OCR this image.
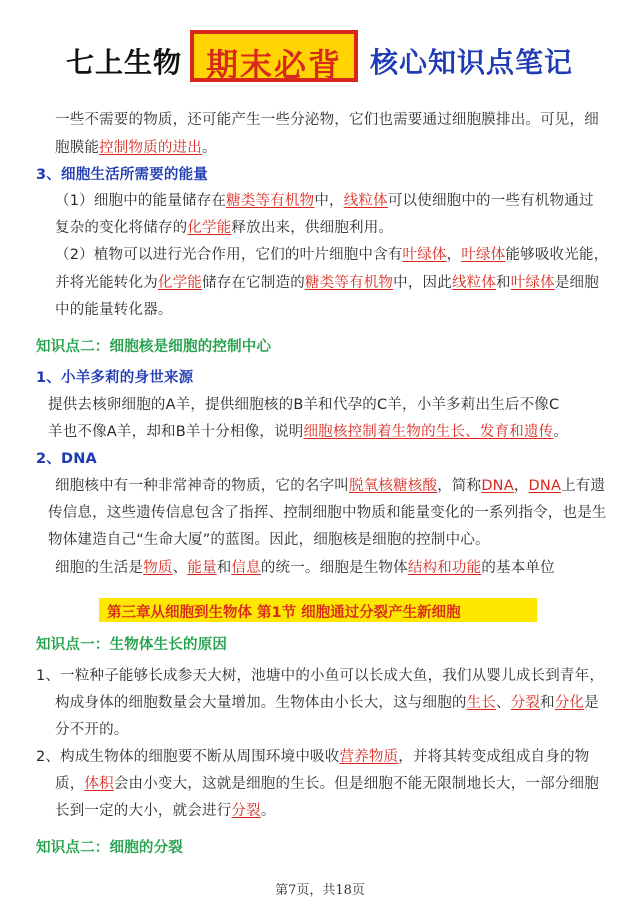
七上生物 期末必背	核心知识点笔记
一些不需要的物质，还可能产生一些分泌物，它们也需要通过细胞膜排出。可见，细
胞膜能控制物质的进出。
3、细胞生活所需要的能量
（1）细胞中的能量储存在糖类等有机物中，线粒体可以使细胞中的一些有机物通过
复杂的变化将储存的化学能释放出来，供细胞利用。
（2）植物可以进行光合作用，它们的叶片细胞中含有叶绿体，叶绿体能够吸收光能，
并将光能转化为化学能储存在它制造的糖类等有机物中，因此线粒体和叶绿体是细胞
中的能量转化器。
知识点二：细胞核是细胞的控制中心
1、小羊多莉的身世来源
提供去核卵细胞的A羊，提供细胞核的B羊和代孕的C羊，小羊多莉出生后不像C
羊也不像A羊，却和B羊十分相像，说明细胞核控制着生物的生长、发育和遗传。
2、DNA
细胞核中有一种非常神奇的物质，它的名字叫脱氧核糖核酸，简称DNA，DNA上有遗
传信息，这些遗传信息包含了指挥、控制细胞中物质和能量变化的一系列指令，也是生
物体建造自己“生命大厦”的蓝图。因此，细胞核是细胞的控制中心。
细胞的生活是物质、能量和信息的统一。细胞是生物体结构和功能的基本单位
第三章从细胞到生物体 第1节 细胞通过分裂产生新细胞
知识点一：生物体生长的原因
1、一粒种子能够长成参天大树，池塘中的小鱼可以长成大鱼，我们从婴儿成长到青年，
构成身体的细胞数量会大量增加。生物体由小长大，这与细胞的生长、分裂和分化是
分不开的。
2、构成生物体的细胞要不断从周围环境中吸收营养物质，并将其转变成组成自身的物
质，体积会由小变大，这就是细胞的生长。但是细胞不能无限制地长大，一部分细胞
长到一定的大小，就会进行分裂。
知识点二：细胞的分裂
第7页，共18页
